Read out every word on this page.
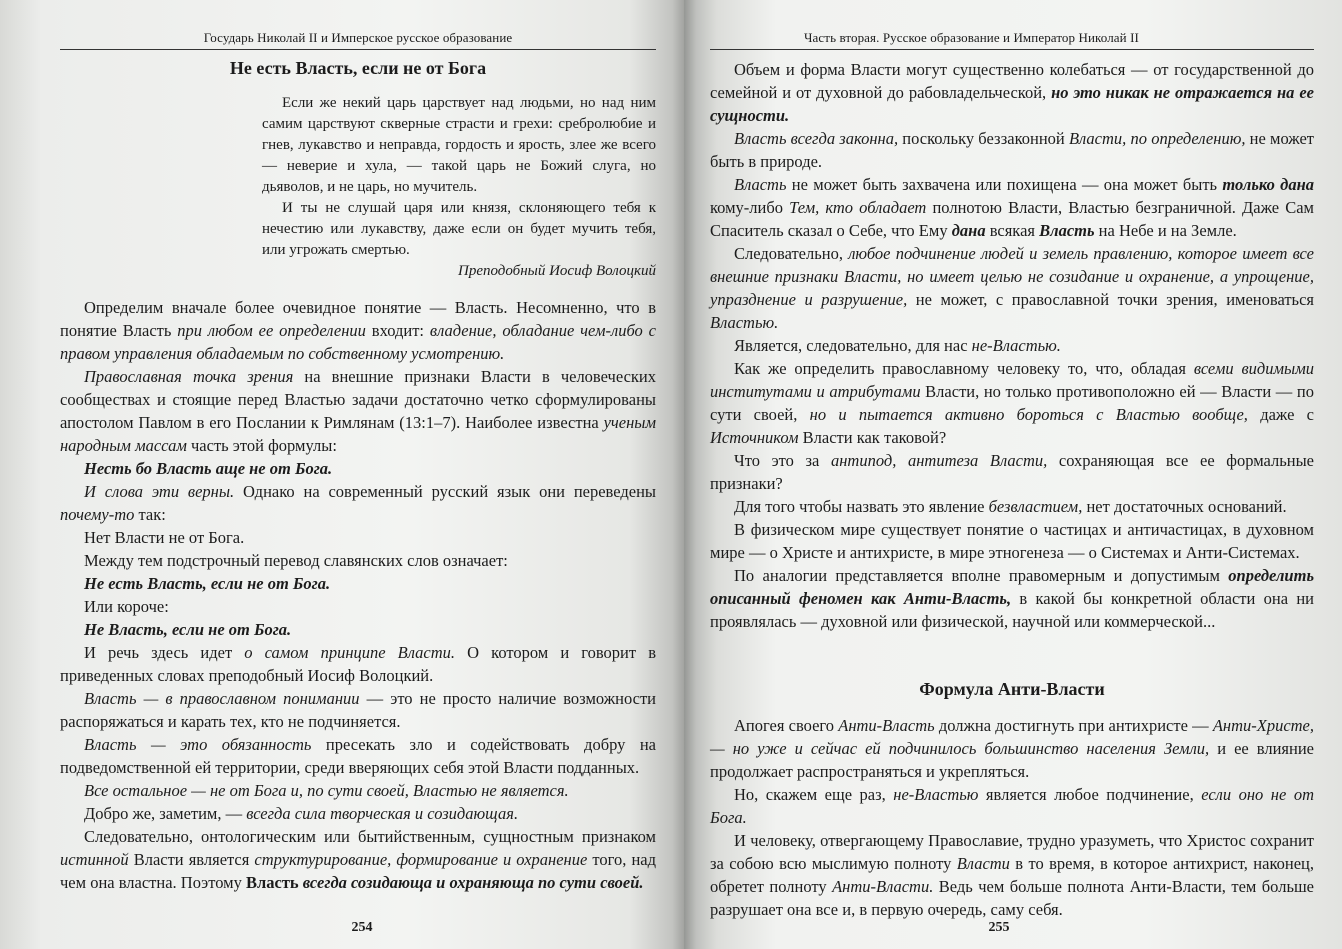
Государь Николай II и Имперское русское образование
Не есть Власть, если не от Бога

Если же некий царь царствует над людьми, но над ним самим царствуют скверные страсти и грехи: сребролюбие и гнев, лукавство и неправда, гордость и ярость, злее же всего — неверие и хула, — такой царь не Божий слуга, но дьяволов, и не царь, но мучитель.

И ты не слушай царя или князя, склоняющего тебя к нечестию или лукавству, даже если он будет мучить тебя, или угрожать смертью.

Преподобный Иосиф Волоцкий

Определим вначале более очевидное понятие — Власть. Несомненно, что в понятие Власть при любом ее определении входит: владение, обладание чем-либо с правом управления обладаемым по собственному усмотрению.

Православная точка зрения на внешние признаки Власти в человеческих сообществах и стоящие перед Властью задачи достаточно четко сформулированы апостолом Павлом в его Послании к Римлянам (13:1–7). Наиболее известна ученым народным массам часть этой формулы:

Несть бо Власть аще не от Бога.

И слова эти верны. Однако на современный русский язык они переведены почему-то так:

Нет Власти не от Бога.

Между тем подстрочный перевод славянских слов означает:

Не есть Власть, если не от Бога.

Или короче:

Не Власть, если не от Бога.

И речь здесь идет о самом принципе Власти. О котором и говорит в приведенных словах преподобный Иосиф Волоцкий.

Власть — в православном понимании — это не просто наличие возможности распоряжаться и карать тех, кто не подчиняется.

Власть — это обязанность пресекать зло и содействовать добру на подведомственной ей территории, среди вверяющих себя этой Власти подданных.

Все остальное — не от Бога и, по сути своей, Властью не является.

Добро же, заметим, — всегда сила творческая и созидающая.

Следовательно, онтологическим или бытийственным, сущностным признаком истинной Власти является структурирование, формирование и охранение того, над чем она властна. Поэтому Власть всегда созидающа и охраняюща по сути своей.

254
Часть вторая. Русское образование и Император Николай II

Объем и форма Власти могут существенно колебаться — от государственной до семейной и от духовной до рабовладельческой, но это никак не отражается на ее сущности.

Власть всегда законна, поскольку беззаконной Власти, по определению, не может быть в природе.

Власть не может быть захвачена или похищена — она может быть только дана кому-либо Тем, кто обладает полнотою Власти, Властью безграничной. Даже Сам Спаситель сказал о Себе, что Ему дана всякая Власть на Небе и на Земле.

Следовательно, любое подчинение людей и земель правлению, которое имеет все внешние признаки Власти, но имеет целью не созидание и охранение, а упрощение, упразднение и разрушение, не может, с православной точки зрения, именоваться Властью.

Является, следовательно, для нас не-Властью.

Как же определить православному человеку то, что, обладая всеми видимыми институтами и атрибутами Власти, но только противоположно ей — Власти — по сути своей, но и пытается активно бороться с Властью вообще, даже с Источником Власти как таковой?

Что это за антипод, антитеза Власти, сохраняющая все ее формальные признаки?

Для того чтобы назвать это явление безвластием, нет достаточных оснований.

В физическом мире существует понятие о частицах и античастицах, в духовном мире — о Христе и антихристе, в мире этногенеза — о Системах и Анти-Системах.

По аналогии представляется вполне правомерным и допустимым определить описанный феномен как Анти-Власть, в какой бы конкретной области она ни проявлялась — духовной или физической, научной или коммерческой...

Формула Анти-Власти

Апогея своего Анти-Власть должна достигнуть при антихристе — Анти-Христе, — но уже и сейчас ей подчинилось большинство населения Земли, и ее влияние продолжает распространяться и укрепляться.

Но, скажем еще раз, не-Властью является любое подчинение, если оно не от Бога.

И человеку, отвергающему Православие, трудно уразуметь, что Христос сохранит за собою всю мыслимую полноту Власти в то время, в которое антихрист, наконец, обретет полноту Анти-Власти. Ведь чем больше полнота Анти-Власти, тем больше разрушает она все и, в первую очередь, саму себя.

255
